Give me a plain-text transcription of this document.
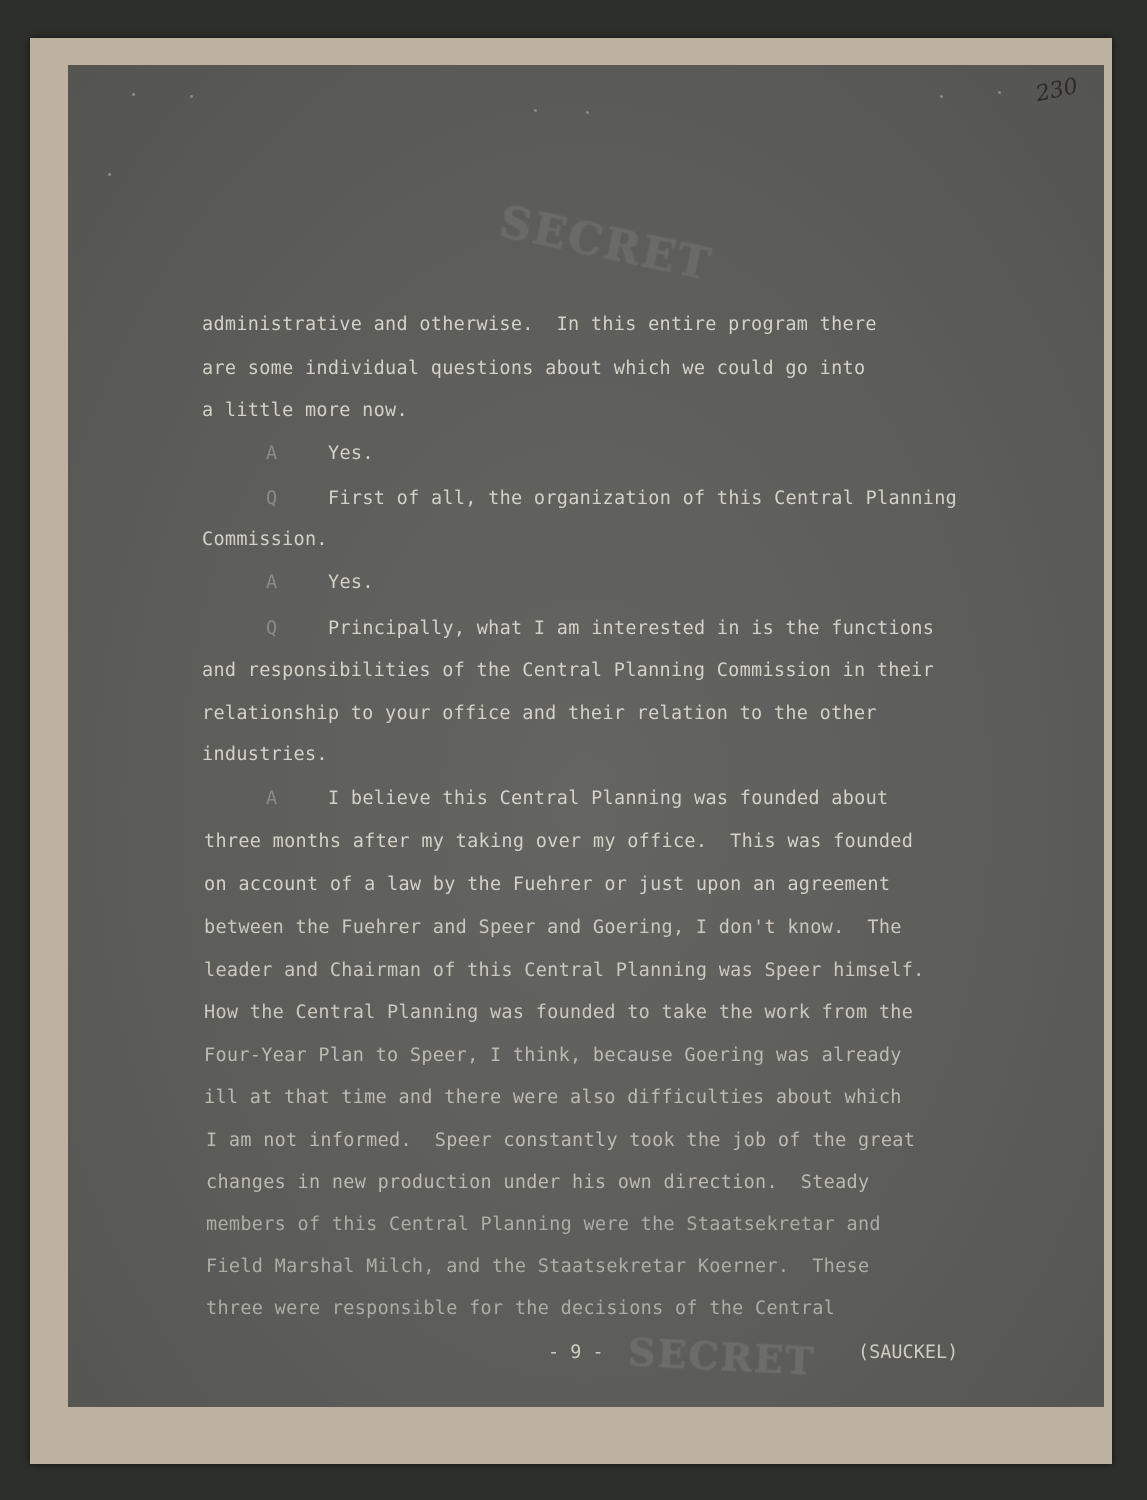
230
SECRET
administrative and otherwise.  In this entire program there
are some individual questions about which we could go into
a little more now.
A	Yes.
Q	First of all, the organization of this Central Planning
Commission.
A	Yes.
Q	Principally, what I am interested in is the functions
and responsibilities of the Central Planning Commission in their
relationship to your office and their relation to the other
industries.
A	I believe this Central Planning was founded about
three months after my taking over my office.  This was founded
on account of a law by the Fuehrer or just upon an agreement
between the Fuehrer and Speer and Goering, I don't know.  The
leader and Chairman of this Central Planning was Speer himself.
How the Central Planning was founded to take the work from the
Four-Year Plan to Speer, I think, because Goering was already
ill at that time and there were also difficulties about which
I am not informed.  Speer constantly took the job of the great
changes in new production under his own direction.  Steady
members of this Central Planning were the Staatsekretar and
Field Marshal Milch, and the Staatsekretar Koerner.  These
three were responsible for the decisions of the Central
SECRET
- 9 -	(SAUCKEL)
